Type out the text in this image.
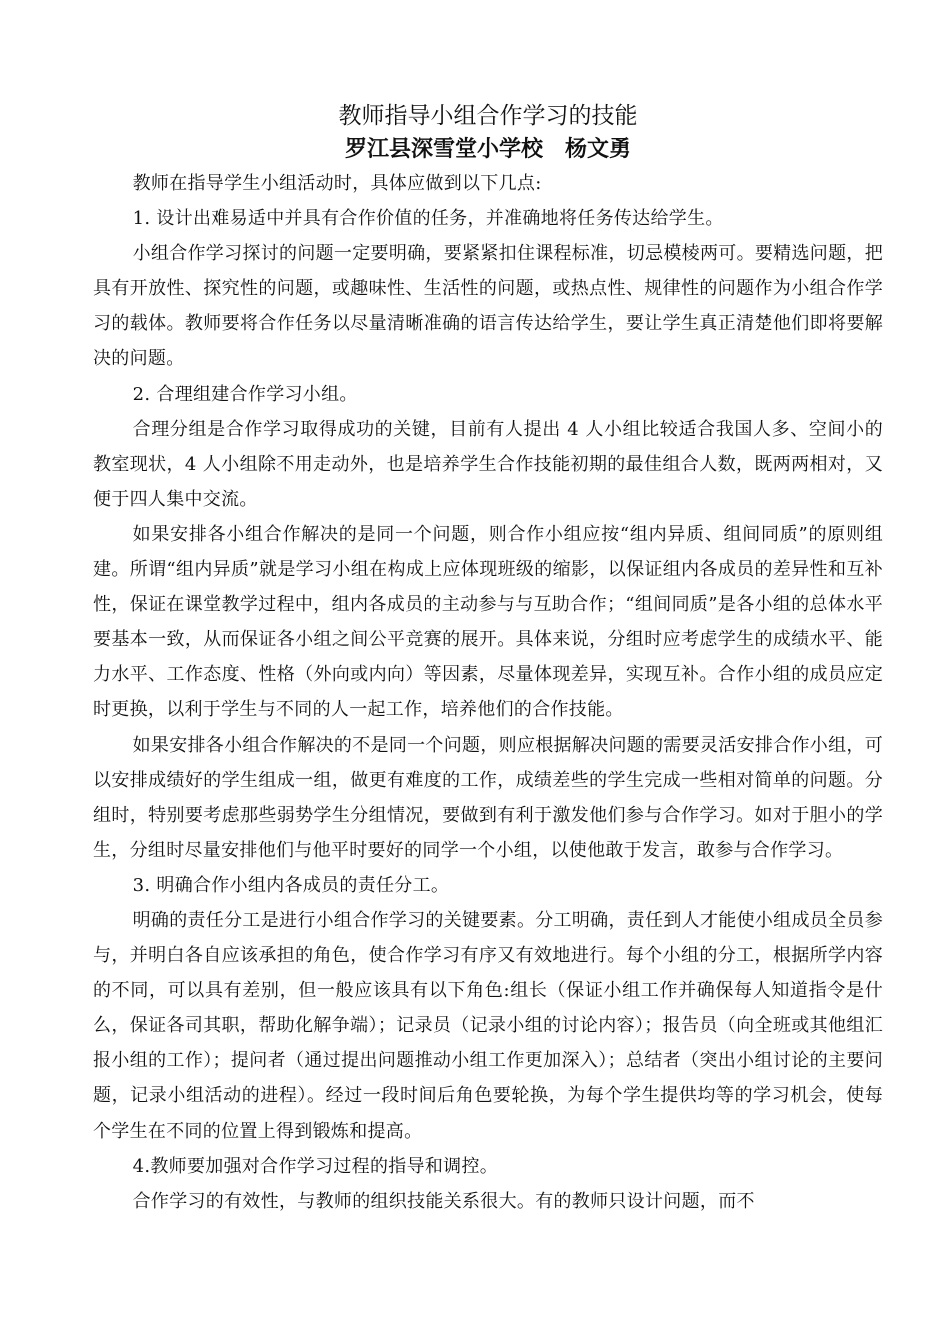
教师指导小组合作学习的技能
罗江县深雪堂小学校 杨文勇

教师在指导学生小组活动时，具体应做到以下几点:

1. 设计出难易适中并具有合作价值的任务，并准确地将任务传达给学生。

小组合作学习探讨的问题一定要明确，要紧紧扣住课程标准，切忌模棱两可。要精选问题，把具有开放性、探究性的问题，或趣味性、生活性的问题，或热点性、规律性的问题作为小组合作学习的载体。教师要将合作任务以尽量清晰准确的语言传达给学生，要让学生真正清楚他们即将要解决的问题。

2. 合理组建合作学习小组。

合理分组是合作学习取得成功的关键，目前有人提出 4 人小组比较适合我国人多、空间小的教室现状，4 人小组除不用走动外，也是培养学生合作技能初期的最佳组合人数，既两两相对，又便于四人集中交流。

如果安排各小组合作解决的是同一个问题，则合作小组应按“组内异质、组间同质”的原则组建。所谓“组内异质”就是学习小组在构成上应体现班级的缩影，以保证组内各成员的差异性和互补性，保证在课堂教学过程中，组内各成员的主动参与与互助合作；“组间同质”是各小组的总体水平要基本一致，从而保证各小组之间公平竞赛的展开。具体来说，分组时应考虑学生的成绩水平、能力水平、工作态度、性格（外向或内向）等因素，尽量体现差异，实现互补。合作小组的成员应定时更换，以利于学生与不同的人一起工作，培养他们的合作技能。

如果安排各小组合作解决的不是同一个问题，则应根据解决问题的需要灵活安排合作小组，可以安排成绩好的学生组成一组，做更有难度的工作，成绩差些的学生完成一些相对简单的问题。分组时，特别要考虑那些弱势学生分组情况，要做到有利于激发他们参与合作学习。如对于胆小的学生，分组时尽量安排他们与他平时要好的同学一个小组，以使他敢于发言，敢参与合作学习。

3. 明确合作小组内各成员的责任分工。

明确的责任分工是进行小组合作学习的关键要素。分工明确，责任到人才能使小组成员全员参与，并明白各自应该承担的角色，使合作学习有序又有效地进行。每个小组的分工，根据所学内容的不同，可以具有差别，但一般应该具有以下角色:组长（保证小组工作并确保每人知道指令是什么，保证各司其职，帮助化解争端）；记录员（记录小组的讨论内容）；报告员（向全班或其他组汇报小组的工作）；提问者（通过提出问题推动小组工作更加深入）；总结者（突出小组讨论的主要问题，记录小组活动的进程）。经过一段时间后角色要轮换，为每个学生提供均等的学习机会，使每个学生在不同的位置上得到锻炼和提高。

4.教师要加强对合作学习过程的指导和调控。

合作学习的有效性，与教师的组织技能关系很大。有的教师只设计问题，而不
